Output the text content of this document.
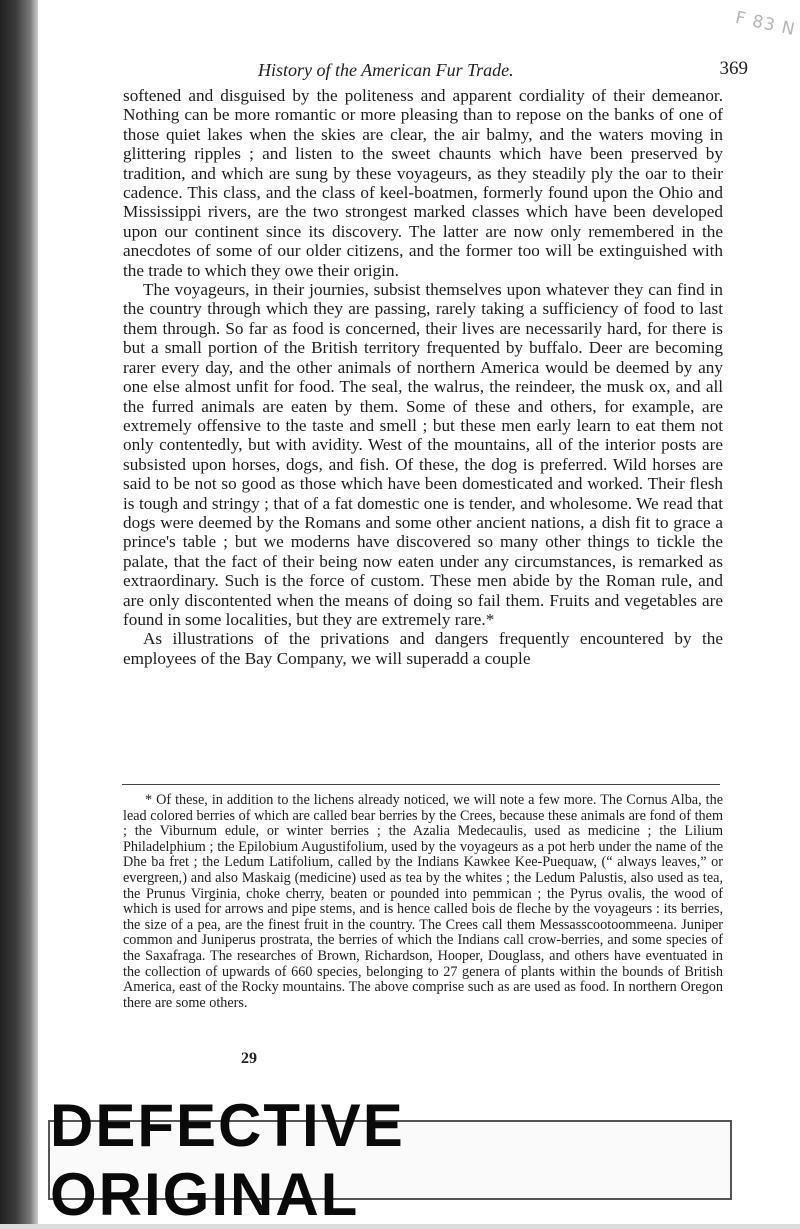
F 83 N
History of the American Fur Trade.	369

softened and disguised by the politeness and apparent cordiality of their demeanor. Nothing can be more romantic or more pleasing than to repose on the banks of one of those quiet lakes when the skies are clear, the air balmy, and the waters moving in glittering ripples ; and listen to the sweet chaunts which have been preserved by tradition, and which are sung by these voyageurs, as they steadily ply the oar to their cadence. This class, and the class of keel-boatmen, formerly found upon the Ohio and Mississippi rivers, are the two strongest marked classes which have been developed upon our continent since its discovery. The latter are now only remembered in the anecdotes of some of our older citizens, and the former too will be extinguished with the trade to which they owe their origin.

The voyageurs, in their journies, subsist themselves upon whatever they can find in the country through which they are passing, rarely taking a sufficiency of food to last them through. So far as food is concerned, their lives are necessarily hard, for there is but a small portion of the British territory frequented by buffalo. Deer are becoming rarer every day, and the other animals of northern America would be deemed by any one else almost unfit for food. The seal, the walrus, the reindeer, the musk ox, and all the furred animals are eaten by them. Some of these and others, for example, are extremely offensive to the taste and smell ; but these men early learn to eat them not only contentedly, but with avidity. West of the mountains, all of the interior posts are subsisted upon horses, dogs, and fish. Of these, the dog is preferred. Wild horses are said to be not so good as those which have been domesticated and worked. Their flesh is tough and stringy ; that of a fat domestic one is tender, and wholesome. We read that dogs were deemed by the Romans and some other ancient nations, a dish fit to grace a prince's table ; but we moderns have discovered so many other things to tickle the palate, that the fact of their being now eaten under any circumstances, is remarked as extraordinary. Such is the force of custom. These men abide by the Roman rule, and are only discontented when the means of doing so fail them. Fruits and vegetables are found in some localities, but they are extremely rare.*

As illustrations of the privations and dangers frequently encountered by the employees of the Bay Company, we will superadd a couple

* Of these, in addition to the lichens already noticed, we will note a few more. The Cornus Alba, the lead colored berries of which are called bear berries by the Crees, because these animals are fond of them ; the Viburnum edule, or winter berries ; the Azalia Medecaulis, used as medicine ; the Lilium Philadelphium ; the Epilobium Augustifolium, used by the voyageurs as a pot herb under the name of the Dhe ba fret ; the Ledum Latifolium, called by the Indians Kawkee Kee-Puequaw, (“ always leaves,” or evergreen,) and also Maskaig (medicine) used as tea by the whites ; the Ledum Palustis, also used as tea, the Prunus Virginia, choke cherry, beaten or pounded into pemmican ; the Pyrus ovalis, the wood of which is used for arrows and pipe stems, and is hence called bois de fleche by the voyageurs : its berries, the size of a pea, are the finest fruit in the country. The Crees call them Messasscootoommeena. Juniper common and Juniperus prostrata, the berries of which the Indians call crow-berries, and some species of the Saxafraga. The researches of Brown, Richardson, Hooper, Douglass, and others have eventuated in the collection of upwards of 660 species, belonging to 27 genera of plants within the bounds of British America, east of the Rocky mountains. The above comprise such as are used as food. In northern Oregon there are some others.

29
DEFECTIVE ORIGINAL
